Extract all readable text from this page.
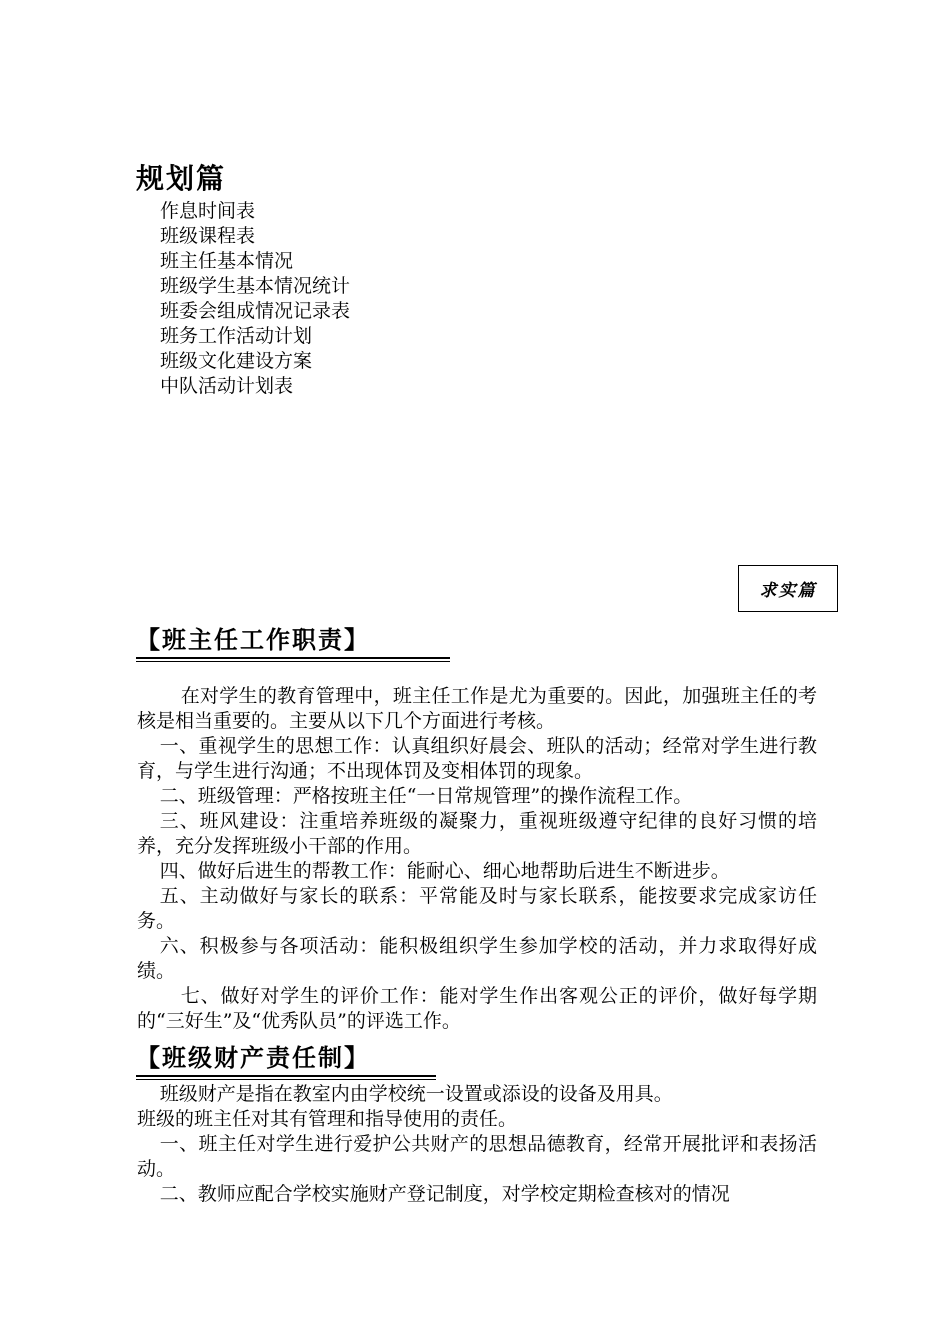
规划篇
作息时间表
班级课程表
班主任基本情况
班级学生基本情况统计
班委会组成情况记录表
班务工作活动计划
班级文化建设方案
中队活动计划表
求实篇
【班主任工作职责】

在对学生的教育管理中，班主任工作是尤为重要的。因此，加强班主任的考核是相当重要的。主要从以下几个方面进行考核。

一、重视学生的思想工作：认真组织好晨会、班队的活动；经常对学生进行教育，与学生进行沟通；不出现体罚及变相体罚的现象。

二、班级管理：严格按班主任“一日常规管理”的操作流程工作。

三、班风建设：注重培养班级的凝聚力，重视班级遵守纪律的良好习惯的培养，充分发挥班级小干部的作用。

四、做好后进生的帮教工作：能耐心、细心地帮助后进生不断进步。

五、主动做好与家长的联系：平常能及时与家长联系，能按要求完成家访任务。

六、积极参与各项活动：能积极组织学生参加学校的活动，并力求取得好成绩。

七、做好对学生的评价工作：能对学生作出客观公正的评价，做好每学期的“三好生”及“优秀队员”的评选工作。

【班级财产责任制】

班级财产是指在教室内由学校统一设置或添设的设备及用具。

班级的班主任对其有管理和指导使用的责任。

一、班主任对学生进行爱护公共财产的思想品德教育，经常开展批评和表扬活动。

二、教师应配合学校实施财产登记制度，对学校定期检查核对的情况
